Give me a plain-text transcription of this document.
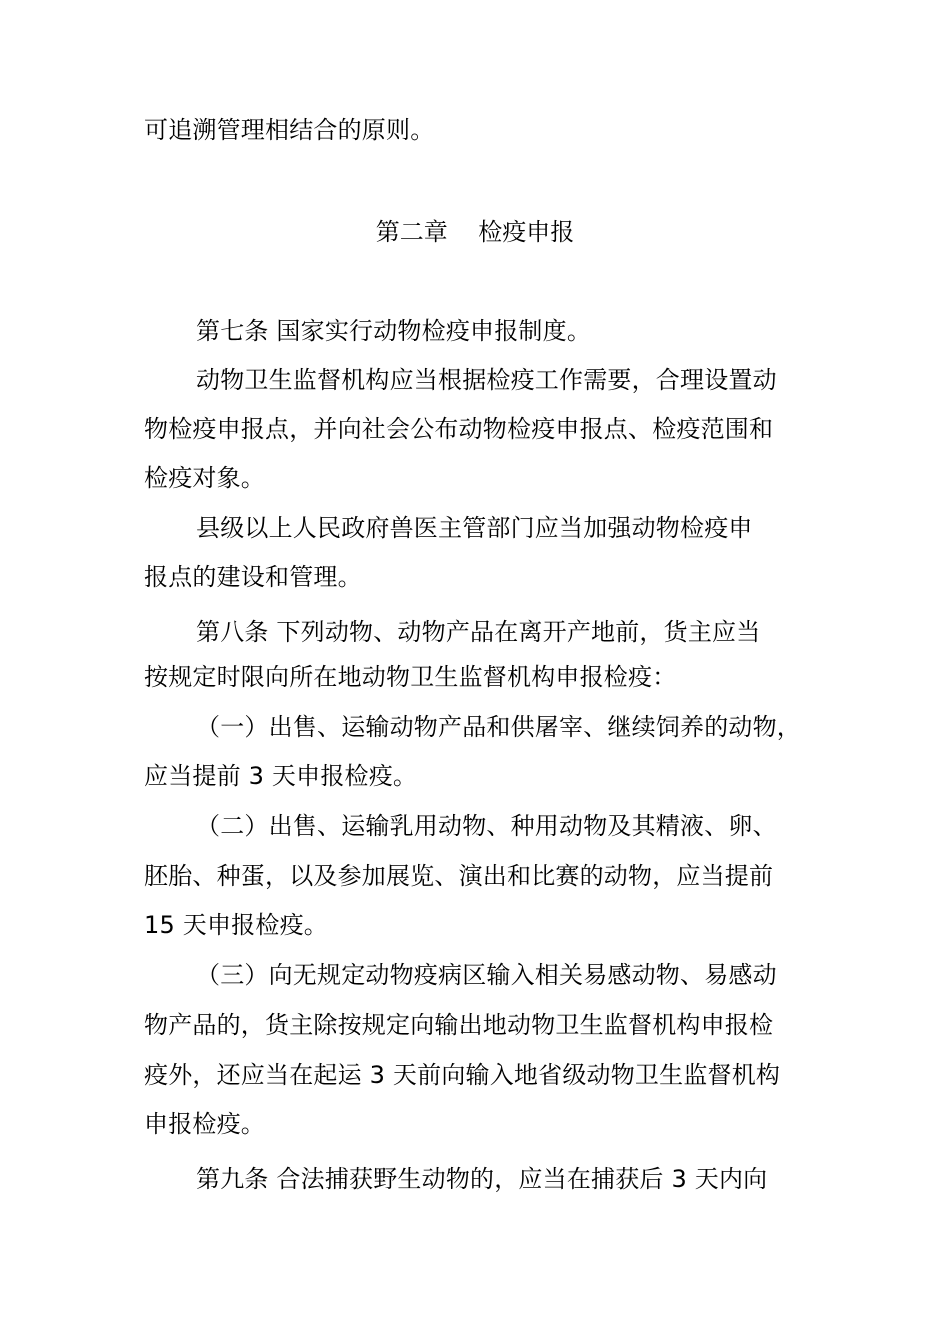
可追溯管理相结合的原则。
第二章    检疫申报
第七条 国家实行动物检疫申报制度。
动物卫生监督机构应当根据检疫工作需要，合理设置动
物检疫申报点，并向社会公布动物检疫申报点、检疫范围和
检疫对象。
县级以上人民政府兽医主管部门应当加强动物检疫申
报点的建设和管理。
第八条 下列动物、动物产品在离开产地前，货主应当
按规定时限向所在地动物卫生监督机构申报检疫：
（一）出售、运输动物产品和供屠宰、继续饲养的动物，
应当提前 3 天申报检疫。
（二）出售、运输乳用动物、种用动物及其精液、卵、
胚胎、种蛋，以及参加展览、演出和比赛的动物，应当提前
15 天申报检疫。
（三）向无规定动物疫病区输入相关易感动物、易感动
物产品的，货主除按规定向输出地动物卫生监督机构申报检
疫外，还应当在起运 3 天前向输入地省级动物卫生监督机构
申报检疫。
第九条 合法捕获野生动物的，应当在捕获后 3 天内向
